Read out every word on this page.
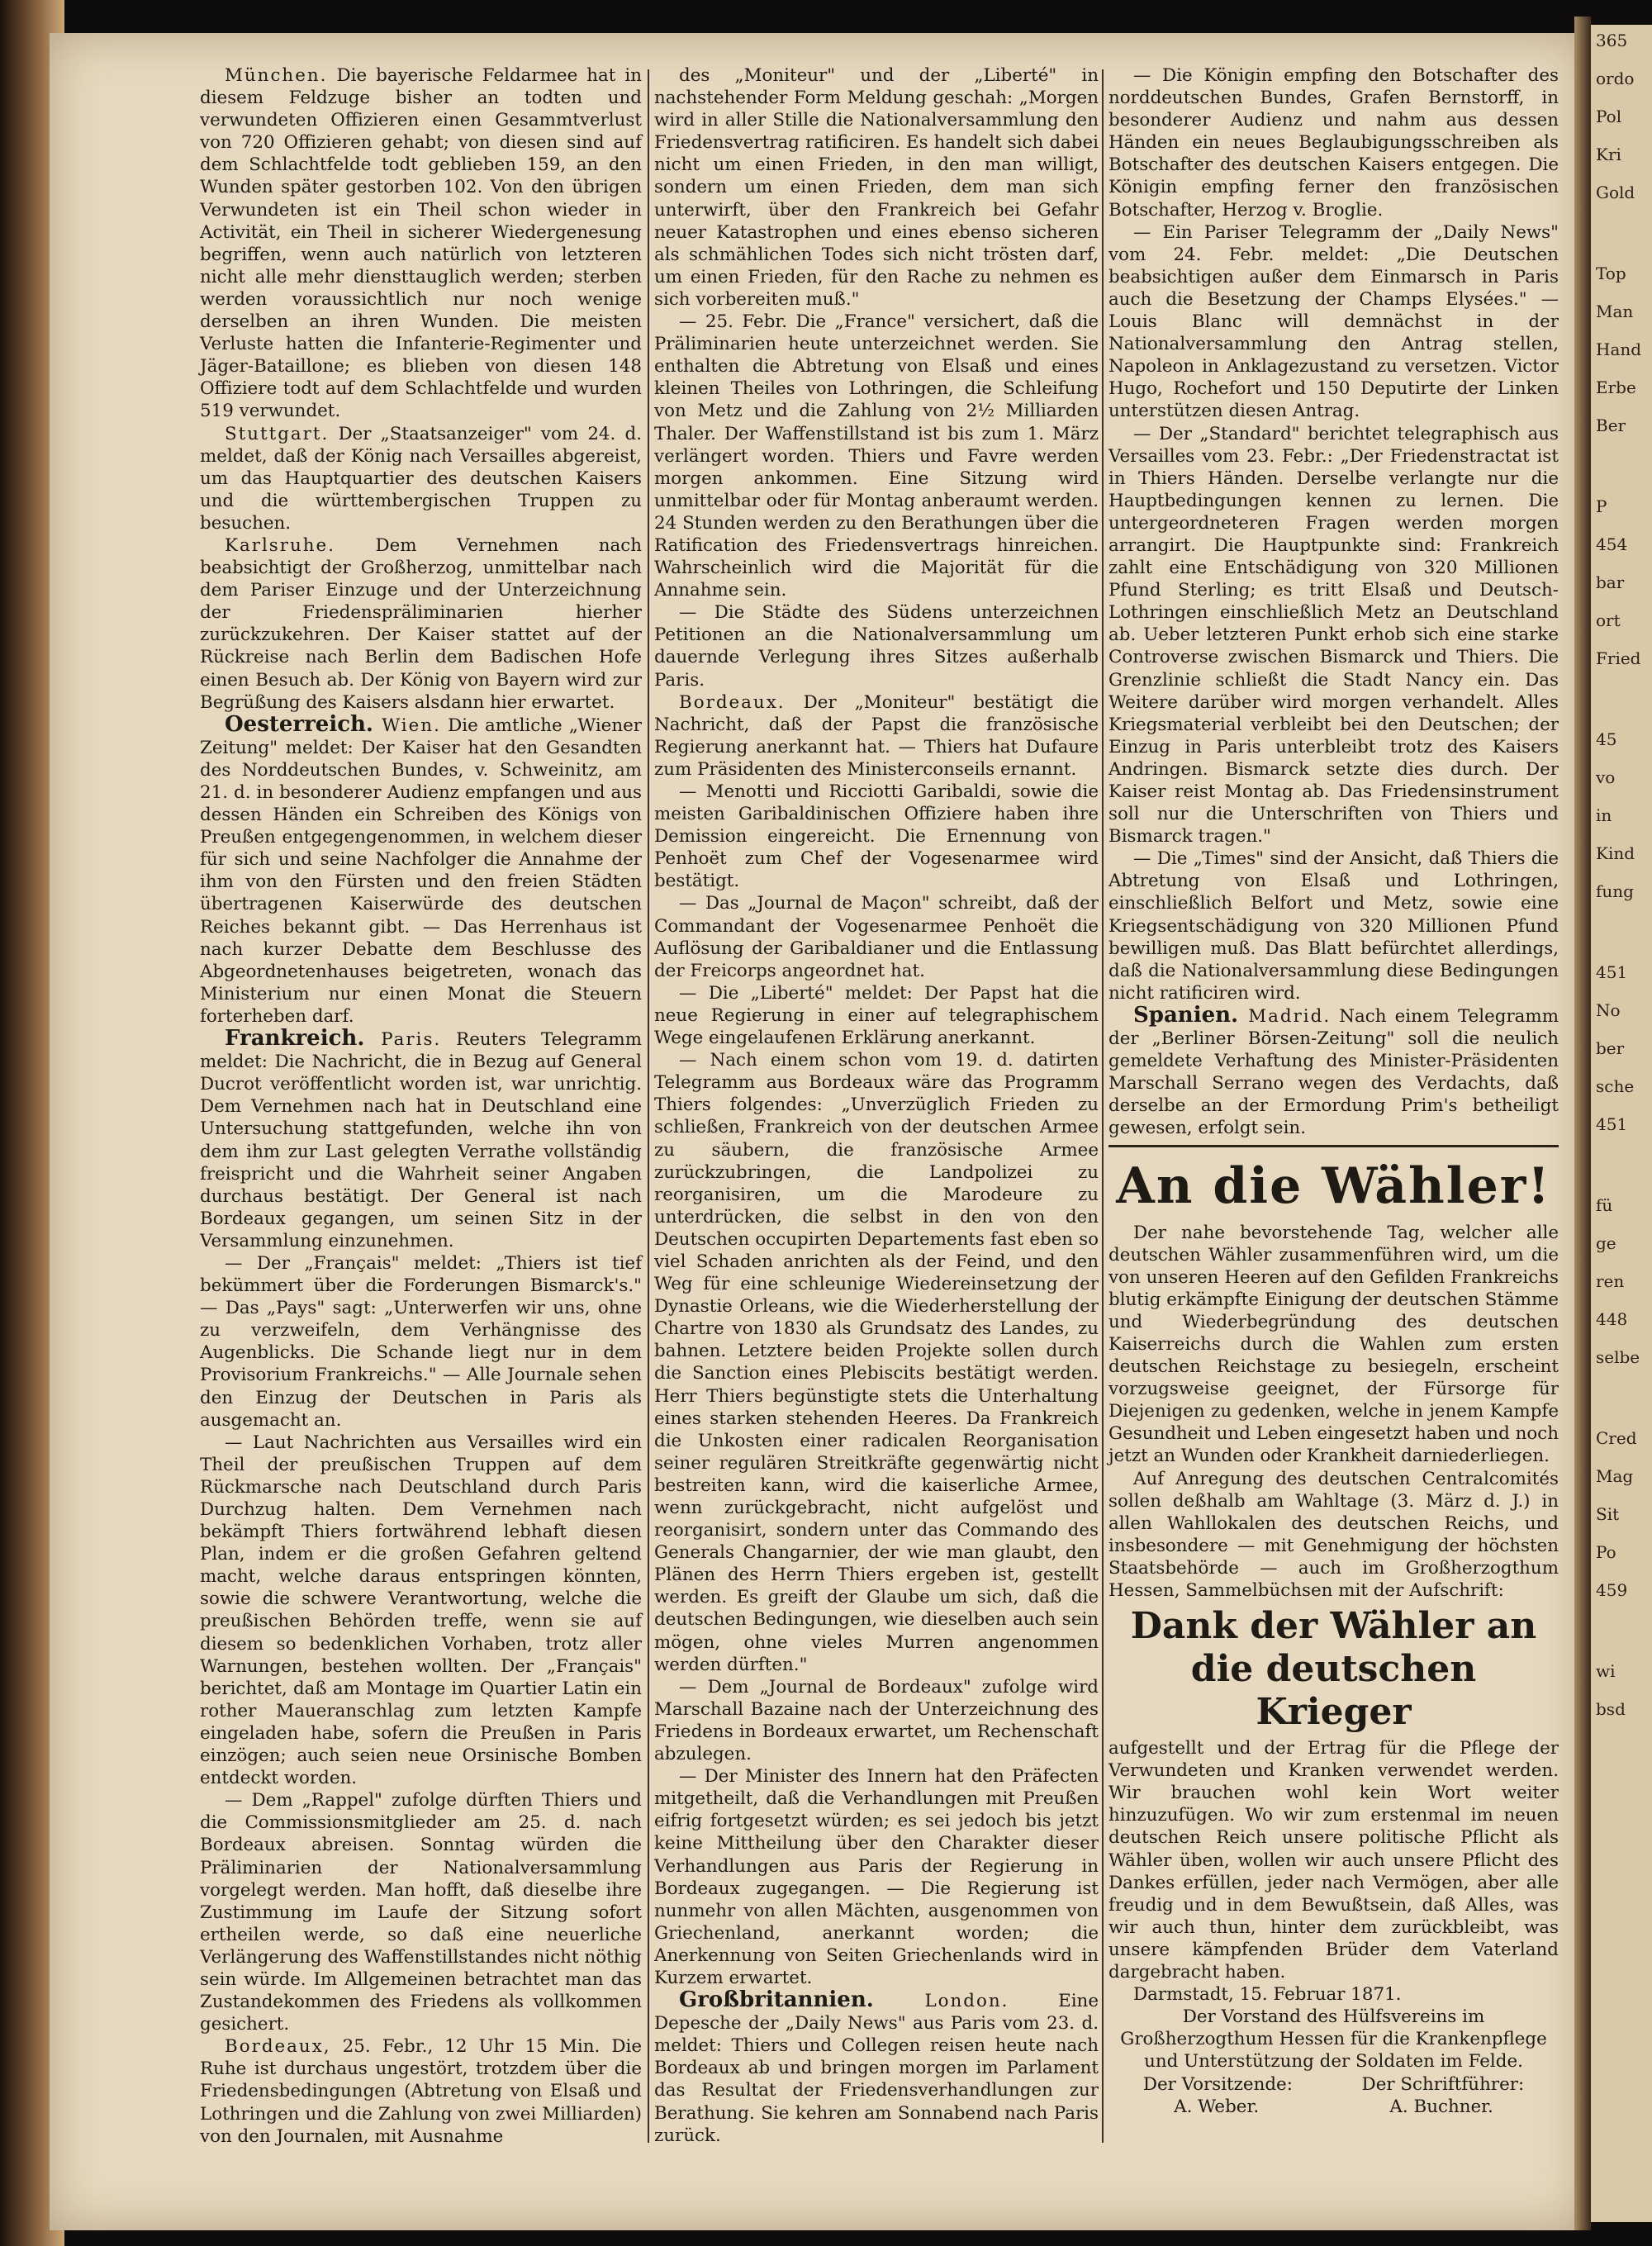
365
ordo
Pol
Kri
Gold
Top
Man
Hand
Erbe
Ber
P
454
bar
ort
Fried
45
vo
in
Kind
fung
451
No
ber
sche
451
fü
ge
ren
448
selbe
Cred
Mag
Sit
Po
459
wi
bsd

München. Die bayerische Feldarmee hat in diesem Feldzuge bisher an todten und verwundeten Offizieren einen Gesammtverlust von 720 Offizieren gehabt; von diesen sind auf dem Schlachtfelde todt geblieben 159, an den Wunden später gestorben 102. Von den übrigen Verwundeten ist ein Theil schon wieder in Activität, ein Theil in sicherer Wiedergenesung begriffen, wenn auch natürlich von letzteren nicht alle mehr diensttauglich werden; sterben werden voraussichtlich nur noch wenige derselben an ihren Wunden. Die meisten Verluste hatten die Infanterie-Regimenter und Jäger-Bataillone; es blieben von diesen 148 Offiziere todt auf dem Schlachtfelde und wurden 519 verwundet.

Stuttgart. Der „Staatsanzeiger" vom 24. d. meldet, daß der König nach Versailles abgereist, um das Hauptquartier des deutschen Kaisers und die württembergischen Truppen zu besuchen.

Karlsruhe. Dem Vernehmen nach beabsichtigt der Großherzog, unmittelbar nach dem Pariser Einzuge und der Unterzeichnung der Friedenspräliminarien hierher zurückzukehren. Der Kaiser stattet auf der Rückreise nach Berlin dem Badischen Hofe einen Besuch ab. Der König von Bayern wird zur Begrüßung des Kaisers alsdann hier erwartet.

Oesterreich. Wien. Die amtliche „Wiener Zeitung" meldet: Der Kaiser hat den Gesandten des Norddeutschen Bundes, v. Schweinitz, am 21. d. in besonderer Audienz empfangen und aus dessen Händen ein Schreiben des Königs von Preußen entgegengenommen, in welchem dieser für sich und seine Nachfolger die Annahme der ihm von den Fürsten und den freien Städten übertragenen Kaiserwürde des deutschen Reiches bekannt gibt. — Das Herrenhaus ist nach kurzer Debatte dem Beschlusse des Abgeordnetenhauses beigetreten, wonach das Ministerium nur einen Monat die Steuern forterheben darf.

Frankreich. Paris. Reuters Telegramm meldet: Die Nachricht, die in Bezug auf General Ducrot veröffentlicht worden ist, war unrichtig. Dem Vernehmen nach hat in Deutschland eine Untersuchung stattgefunden, welche ihn von dem ihm zur Last gelegten Verrathe vollständig freispricht und die Wahrheit seiner Angaben durchaus bestätigt. Der General ist nach Bordeaux gegangen, um seinen Sitz in der Versammlung einzunehmen.

— Der „Français" meldet: „Thiers ist tief bekümmert über die Forderungen Bismarck's." — Das „Pays" sagt: „Unterwerfen wir uns, ohne zu verzweifeln, dem Verhängnisse des Augenblicks. Die Schande liegt nur in dem Provisorium Frankreichs." — Alle Journale sehen den Einzug der Deutschen in Paris als ausgemacht an.

— Laut Nachrichten aus Versailles wird ein Theil der preußischen Truppen auf dem Rückmarsche nach Deutschland durch Paris Durchzug halten. Dem Vernehmen nach bekämpft Thiers fortwährend lebhaft diesen Plan, indem er die großen Gefahren geltend macht, welche daraus entspringen könnten, sowie die schwere Verantwortung, welche die preußischen Behörden treffe, wenn sie auf diesem so bedenklichen Vorhaben, trotz aller Warnungen, bestehen wollten. Der „Français" berichtet, daß am Montage im Quartier Latin ein rother Maueranschlag zum letzten Kampfe eingeladen habe, sofern die Preußen in Paris einzögen; auch seien neue Orsinische Bomben entdeckt worden.

— Dem „Rappel" zufolge dürften Thiers und die Commissionsmitglieder am 25. d. nach Bordeaux abreisen. Sonntag würden die Präliminarien der Nationalversammlung vorgelegt werden. Man hofft, daß dieselbe ihre Zustimmung im Laufe der Sitzung sofort ertheilen werde, so daß eine neuerliche Verlängerung des Waffenstillstandes nicht nöthig sein würde. Im Allgemeinen betrachtet man das Zustandekommen des Friedens als vollkommen gesichert.

Bordeaux, 25. Febr., 12 Uhr 15 Min. Die Ruhe ist durchaus ungestört, trotzdem über die Friedensbedingungen (Abtretung von Elsaß und Lothringen und die Zahlung von zwei Milliarden) von den Journalen, mit Ausnahme

des „Moniteur" und der „Liberté" in nachstehender Form Meldung geschah: „Morgen wird in aller Stille die Nationalversammlung den Friedensvertrag ratificiren. Es handelt sich dabei nicht um einen Frieden, in den man willigt, sondern um einen Frieden, dem man sich unterwirft, über den Frankreich bei Gefahr neuer Katastrophen und eines ebenso sicheren als schmählichen Todes sich nicht trösten darf, um einen Frieden, für den Rache zu nehmen es sich vorbereiten muß."

— 25. Febr. Die „France" versichert, daß die Präliminarien heute unterzeichnet werden. Sie enthalten die Abtretung von Elsaß und eines kleinen Theiles von Lothringen, die Schleifung von Metz und die Zahlung von 2½ Milliarden Thaler. Der Waffenstillstand ist bis zum 1. März verlängert worden. Thiers und Favre werden morgen ankommen. Eine Sitzung wird unmittelbar oder für Montag anberaumt werden. 24 Stunden werden zu den Berathungen über die Ratification des Friedensvertrags hinreichen. Wahrscheinlich wird die Majorität für die Annahme sein.

— Die Städte des Südens unterzeichnen Petitionen an die Nationalversammlung um dauernde Verlegung ihres Sitzes außerhalb Paris.

Bordeaux. Der „Moniteur" bestätigt die Nachricht, daß der Papst die französische Regierung anerkannt hat. — Thiers hat Dufaure zum Präsidenten des Ministerconseils ernannt.

— Menotti und Ricciotti Garibaldi, sowie die meisten Garibaldinischen Offiziere haben ihre Demission eingereicht. Die Ernennung von Penhoët zum Chef der Vogesenarmee wird bestätigt.

— Das „Journal de Maçon" schreibt, daß der Commandant der Vogesenarmee Penhoët die Auflösung der Garibaldianer und die Entlassung der Freicorps angeordnet hat.

— Die „Liberté" meldet: Der Papst hat die neue Regierung in einer auf telegraphischem Wege eingelaufenen Erklärung anerkannt.

— Nach einem schon vom 19. d. datirten Telegramm aus Bordeaux wäre das Programm Thiers folgendes: „Unverzüglich Frieden zu schließen, Frankreich von der deutschen Armee zu säubern, die französische Armee zurückzubringen, die Landpolizei zu reorganisiren, um die Marodeure zu unterdrücken, die selbst in den von den Deutschen occupirten Departements fast eben so viel Schaden anrichten als der Feind, und den Weg für eine schleunige Wiedereinsetzung der Dynastie Orleans, wie die Wiederherstellung der Chartre von 1830 als Grundsatz des Landes, zu bahnen. Letztere beiden Projekte sollen durch die Sanction eines Plebiscits bestätigt werden. Herr Thiers begünstigte stets die Unterhaltung eines starken stehenden Heeres. Da Frankreich die Unkosten einer radicalen Reorganisation seiner regulären Streitkräfte gegenwärtig nicht bestreiten kann, wird die kaiserliche Armee, wenn zurückgebracht, nicht aufgelöst und reorganisirt, sondern unter das Commando des Generals Changarnier, der wie man glaubt, den Plänen des Herrn Thiers ergeben ist, gestellt werden. Es greift der Glaube um sich, daß die deutschen Bedingungen, wie dieselben auch sein mögen, ohne vieles Murren angenommen werden dürften."

— Dem „Journal de Bordeaux" zufolge wird Marschall Bazaine nach der Unterzeichnung des Friedens in Bordeaux erwartet, um Rechenschaft abzulegen.

— Der Minister des Innern hat den Präfecten mitgetheilt, daß die Verhandlungen mit Preußen eifrig fortgesetzt würden; es sei jedoch bis jetzt keine Mittheilung über den Charakter dieser Verhandlungen aus Paris der Regierung in Bordeaux zugegangen. — Die Regierung ist nunmehr von allen Mächten, ausgenommen von Griechenland, anerkannt worden; die Anerkennung von Seiten Griechenlands wird in Kurzem erwartet.

Großbritannien. London. Eine Depesche der „Daily News" aus Paris vom 23. d. meldet: Thiers und Collegen reisen heute nach Bordeaux ab und bringen morgen im Parlament das Resultat der Friedensverhandlungen zur Berathung. Sie kehren am Sonnabend nach Paris zurück.

— Die Königin empfing den Botschafter des norddeutschen Bundes, Grafen Bernstorff, in besonderer Audienz und nahm aus dessen Händen ein neues Beglaubigungsschreiben als Botschafter des deutschen Kaisers entgegen. Die Königin empfing ferner den französischen Botschafter, Herzog v. Broglie.

— Ein Pariser Telegramm der „Daily News" vom 24. Febr. meldet: „Die Deutschen beabsichtigen außer dem Einmarsch in Paris auch die Besetzung der Champs Elysées." — Louis Blanc will demnächst in der Nationalversammlung den Antrag stellen, Napoleon in Anklagezustand zu versetzen. Victor Hugo, Rochefort und 150 Deputirte der Linken unterstützen diesen Antrag.

— Der „Standard" berichtet telegraphisch aus Versailles vom 23. Febr.: „Der Friedenstractat ist in Thiers Händen. Derselbe verlangte nur die Hauptbedingungen kennen zu lernen. Die untergeordneteren Fragen werden morgen arrangirt. Die Hauptpunkte sind: Frankreich zahlt eine Entschädigung von 320 Millionen Pfund Sterling; es tritt Elsaß und Deutsch-Lothringen einschließlich Metz an Deutschland ab. Ueber letzteren Punkt erhob sich eine starke Controverse zwischen Bismarck und Thiers. Die Grenzlinie schließt die Stadt Nancy ein. Das Weitere darüber wird morgen verhandelt. Alles Kriegsmaterial verbleibt bei den Deutschen; der Einzug in Paris unterbleibt trotz des Kaisers Andringen. Bismarck setzte dies durch. Der Kaiser reist Montag ab. Das Friedensinstrument soll nur die Unterschriften von Thiers und Bismarck tragen."

— Die „Times" sind der Ansicht, daß Thiers die Abtretung von Elsaß und Lothringen, einschließlich Belfort und Metz, sowie eine Kriegsentschädigung von 320 Millionen Pfund bewilligen muß. Das Blatt befürchtet allerdings, daß die Nationalversammlung diese Bedingungen nicht ratificiren wird.

Spanien. Madrid. Nach einem Telegramm der „Berliner Börsen-Zeitung" soll die neulich gemeldete Verhaftung des Minister-Präsidenten Marschall Serrano wegen des Verdachts, daß derselbe an der Ermordung Prim's betheiligt gewesen, erfolgt sein.

An die Wähler!

Der nahe bevorstehende Tag, welcher alle deutschen Wähler zusammenführen wird, um die von unseren Heeren auf den Gefilden Frankreichs blutig erkämpfte Einigung der deutschen Stämme und Wiederbegründung des deutschen Kaiserreichs durch die Wahlen zum ersten deutschen Reichstage zu besiegeln, erscheint vorzugsweise geeignet, der Fürsorge für Diejenigen zu gedenken, welche in jenem Kampfe Gesundheit und Leben eingesetzt haben und noch jetzt an Wunden oder Krankheit darniederliegen.

Auf Anregung des deutschen Centralcomités sollen deßhalb am Wahltage (3. März d. J.) in allen Wahllokalen des deutschen Reichs, und insbesondere — mit Genehmigung der höchsten Staatsbehörde — auch im Großherzogthum Hessen, Sammelbüchsen mit der Aufschrift:

Dank der Wähler an die deutschen Krieger

aufgestellt und der Ertrag für die Pflege der Verwundeten und Kranken verwendet werden. Wir brauchen wohl kein Wort weiter hinzuzufügen. Wo wir zum erstenmal im neuen deutschen Reich unsere politische Pflicht als Wähler üben, wollen wir auch unsere Pflicht des Dankes erfüllen, jeder nach Vermögen, aber alle freudig und in dem Bewußtsein, daß Alles, was wir auch thun, hinter dem zurückbleibt, was unsere kämpfenden Brüder dem Vaterland dargebracht haben.

Darmstadt, 15. Februar 1871.

Der Vorstand des Hülfsvereins im Großherzogthum Hessen für die Krankenpflege und Unterstützung der Soldaten im Felde.

Der Vorsitzende:	Der Schriftführer:
A. Weber.	A. Buchner.
